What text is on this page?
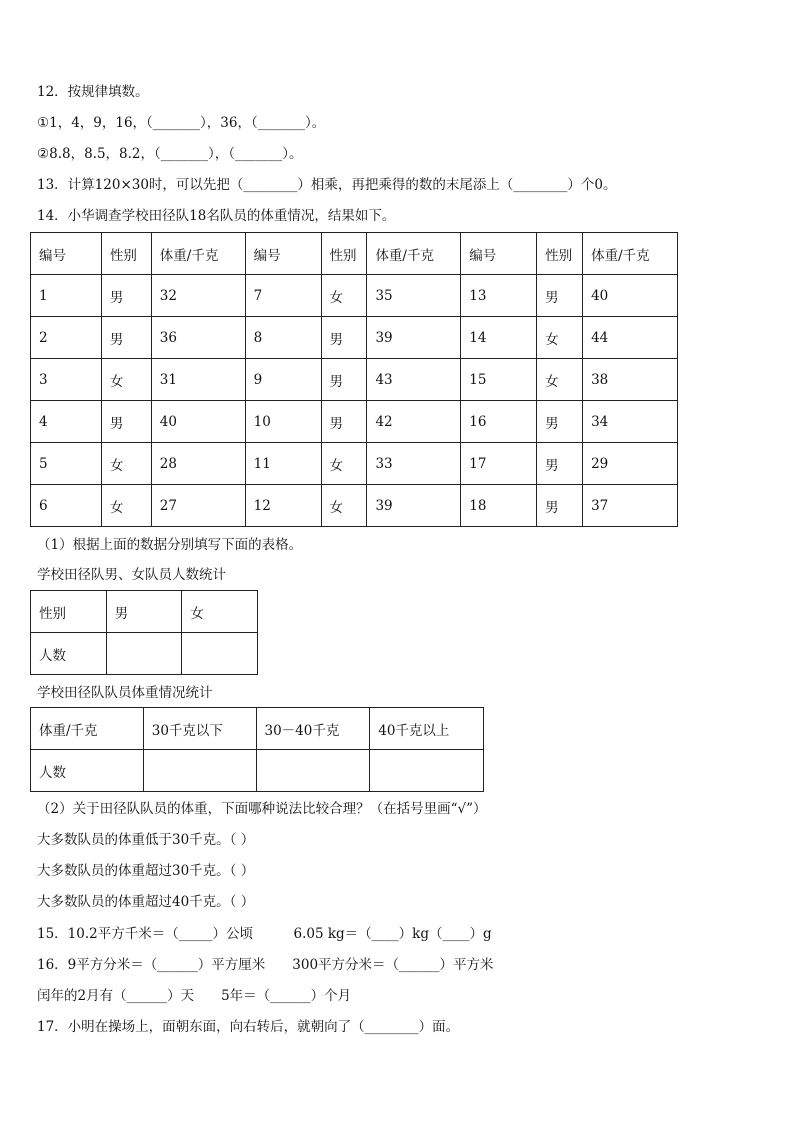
12．按规律填数。
①1，4，9，16，（_______），36，（_______）。
②8.8，8.5，8.2，（_______），（_______）。
13．计算120×30时，可以先把（________）相乘，再把乘得的数的末尾添上（________）个0。
14．小华调查学校田径队18名队员的体重情况，结果如下。
编号	性别	体重/千克	编号	性别	体重/千克	编号	性别	体重/千克
1	男	32	7	女	35	13	男	40
2	男	36	8	男	39	14	女	44
3	女	31	9	男	43	15	女	38
4	男	40	10	男	42	16	男	34
5	女	28	11	女	33	17	男	29
6	女	27	12	女	39	18	男	37
（1）根据上面的数据分别填写下面的表格。
学校田径队男、女队员人数统计
性别	男	女
人数		
学校田径队队员体重情况统计
体重/千克	30千克以下	30－40千克	40千克以上
人数			
（2）关于田径队队员的体重，下面哪种说法比较合理？（在括号里画“√”）
大多数队员的体重低于30千克。（ ）
大多数队员的体重超过30千克。（ ）
大多数队员的体重超过40千克。（ ）
15．10.2平方千米＝（_____）公顷　　　6.05 kg＝（____）kg（____）g
16．9平方分米＝（______）平方厘米　　300平方分米＝（______）平方米
闰年的2月有（______）天　　5年＝（______）个月
17．小明在操场上，面朝东面，向右转后，就朝向了（________）面。
